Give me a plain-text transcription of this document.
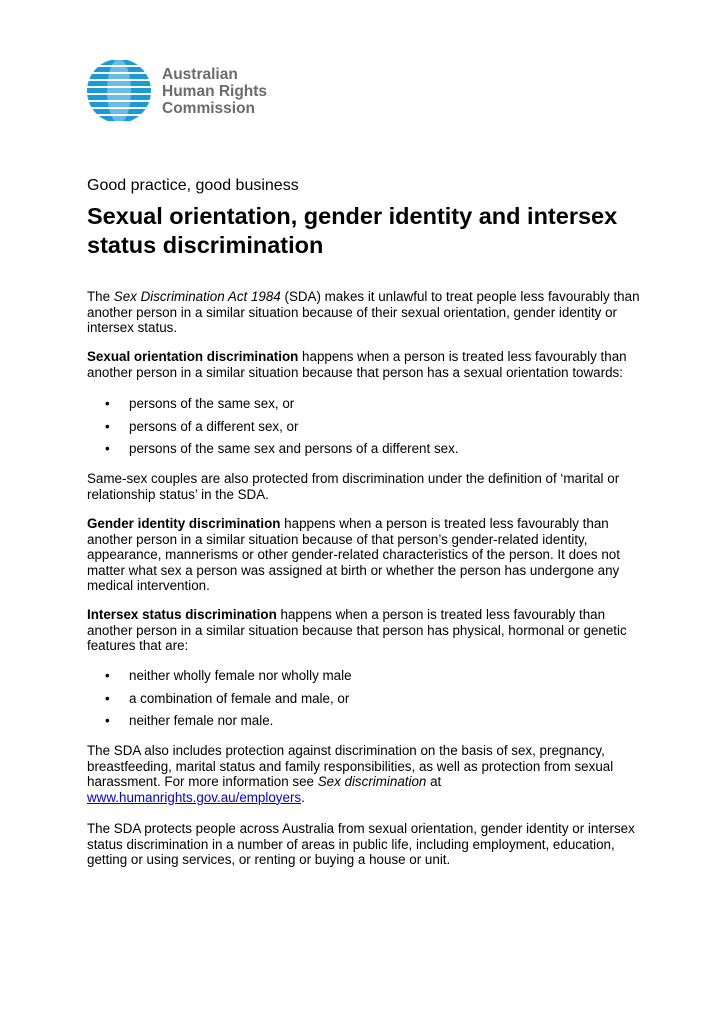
Australian
Human Rights
Commission
Good practice, good business
Sexual orientation, gender identity and intersex status discrimination

The Sex Discrimination Act 1984 (SDA) makes it unlawful to treat people less favourably than another person in a similar situation because of their sexual orientation, gender identity or intersex status.

Sexual orientation discrimination happens when a person is treated less favourably than another person in a similar situation because that person has a sexual orientation towards:

• persons of the same sex, or
• persons of a different sex, or
• persons of the same sex and persons of a different sex.

Same-sex couples are also protected from discrimination under the definition of ‘marital or relationship status’ in the SDA.

Gender identity discrimination happens when a person is treated less favourably than another person in a similar situation because of that person’s gender-related identity, appearance, mannerisms or other gender-related characteristics of the person. It does not matter what sex a person was assigned at birth or whether the person has undergone any medical intervention.

Intersex status discrimination happens when a person is treated less favourably than another person in a similar situation because that person has physical, hormonal or genetic features that are:

• neither wholly female nor wholly male
• a combination of female and male, or
• neither female nor male.

The SDA also includes protection against discrimination on the basis of sex, pregnancy, breastfeeding, marital status and family responsibilities, as well as protection from sexual harassment. For more information see Sex discrimination at
www.humanrights.gov.au/employers.

The SDA protects people across Australia from sexual orientation, gender identity or intersex status discrimination in a number of areas in public life, including employment, education, getting or using services, or renting or buying a house or unit.
